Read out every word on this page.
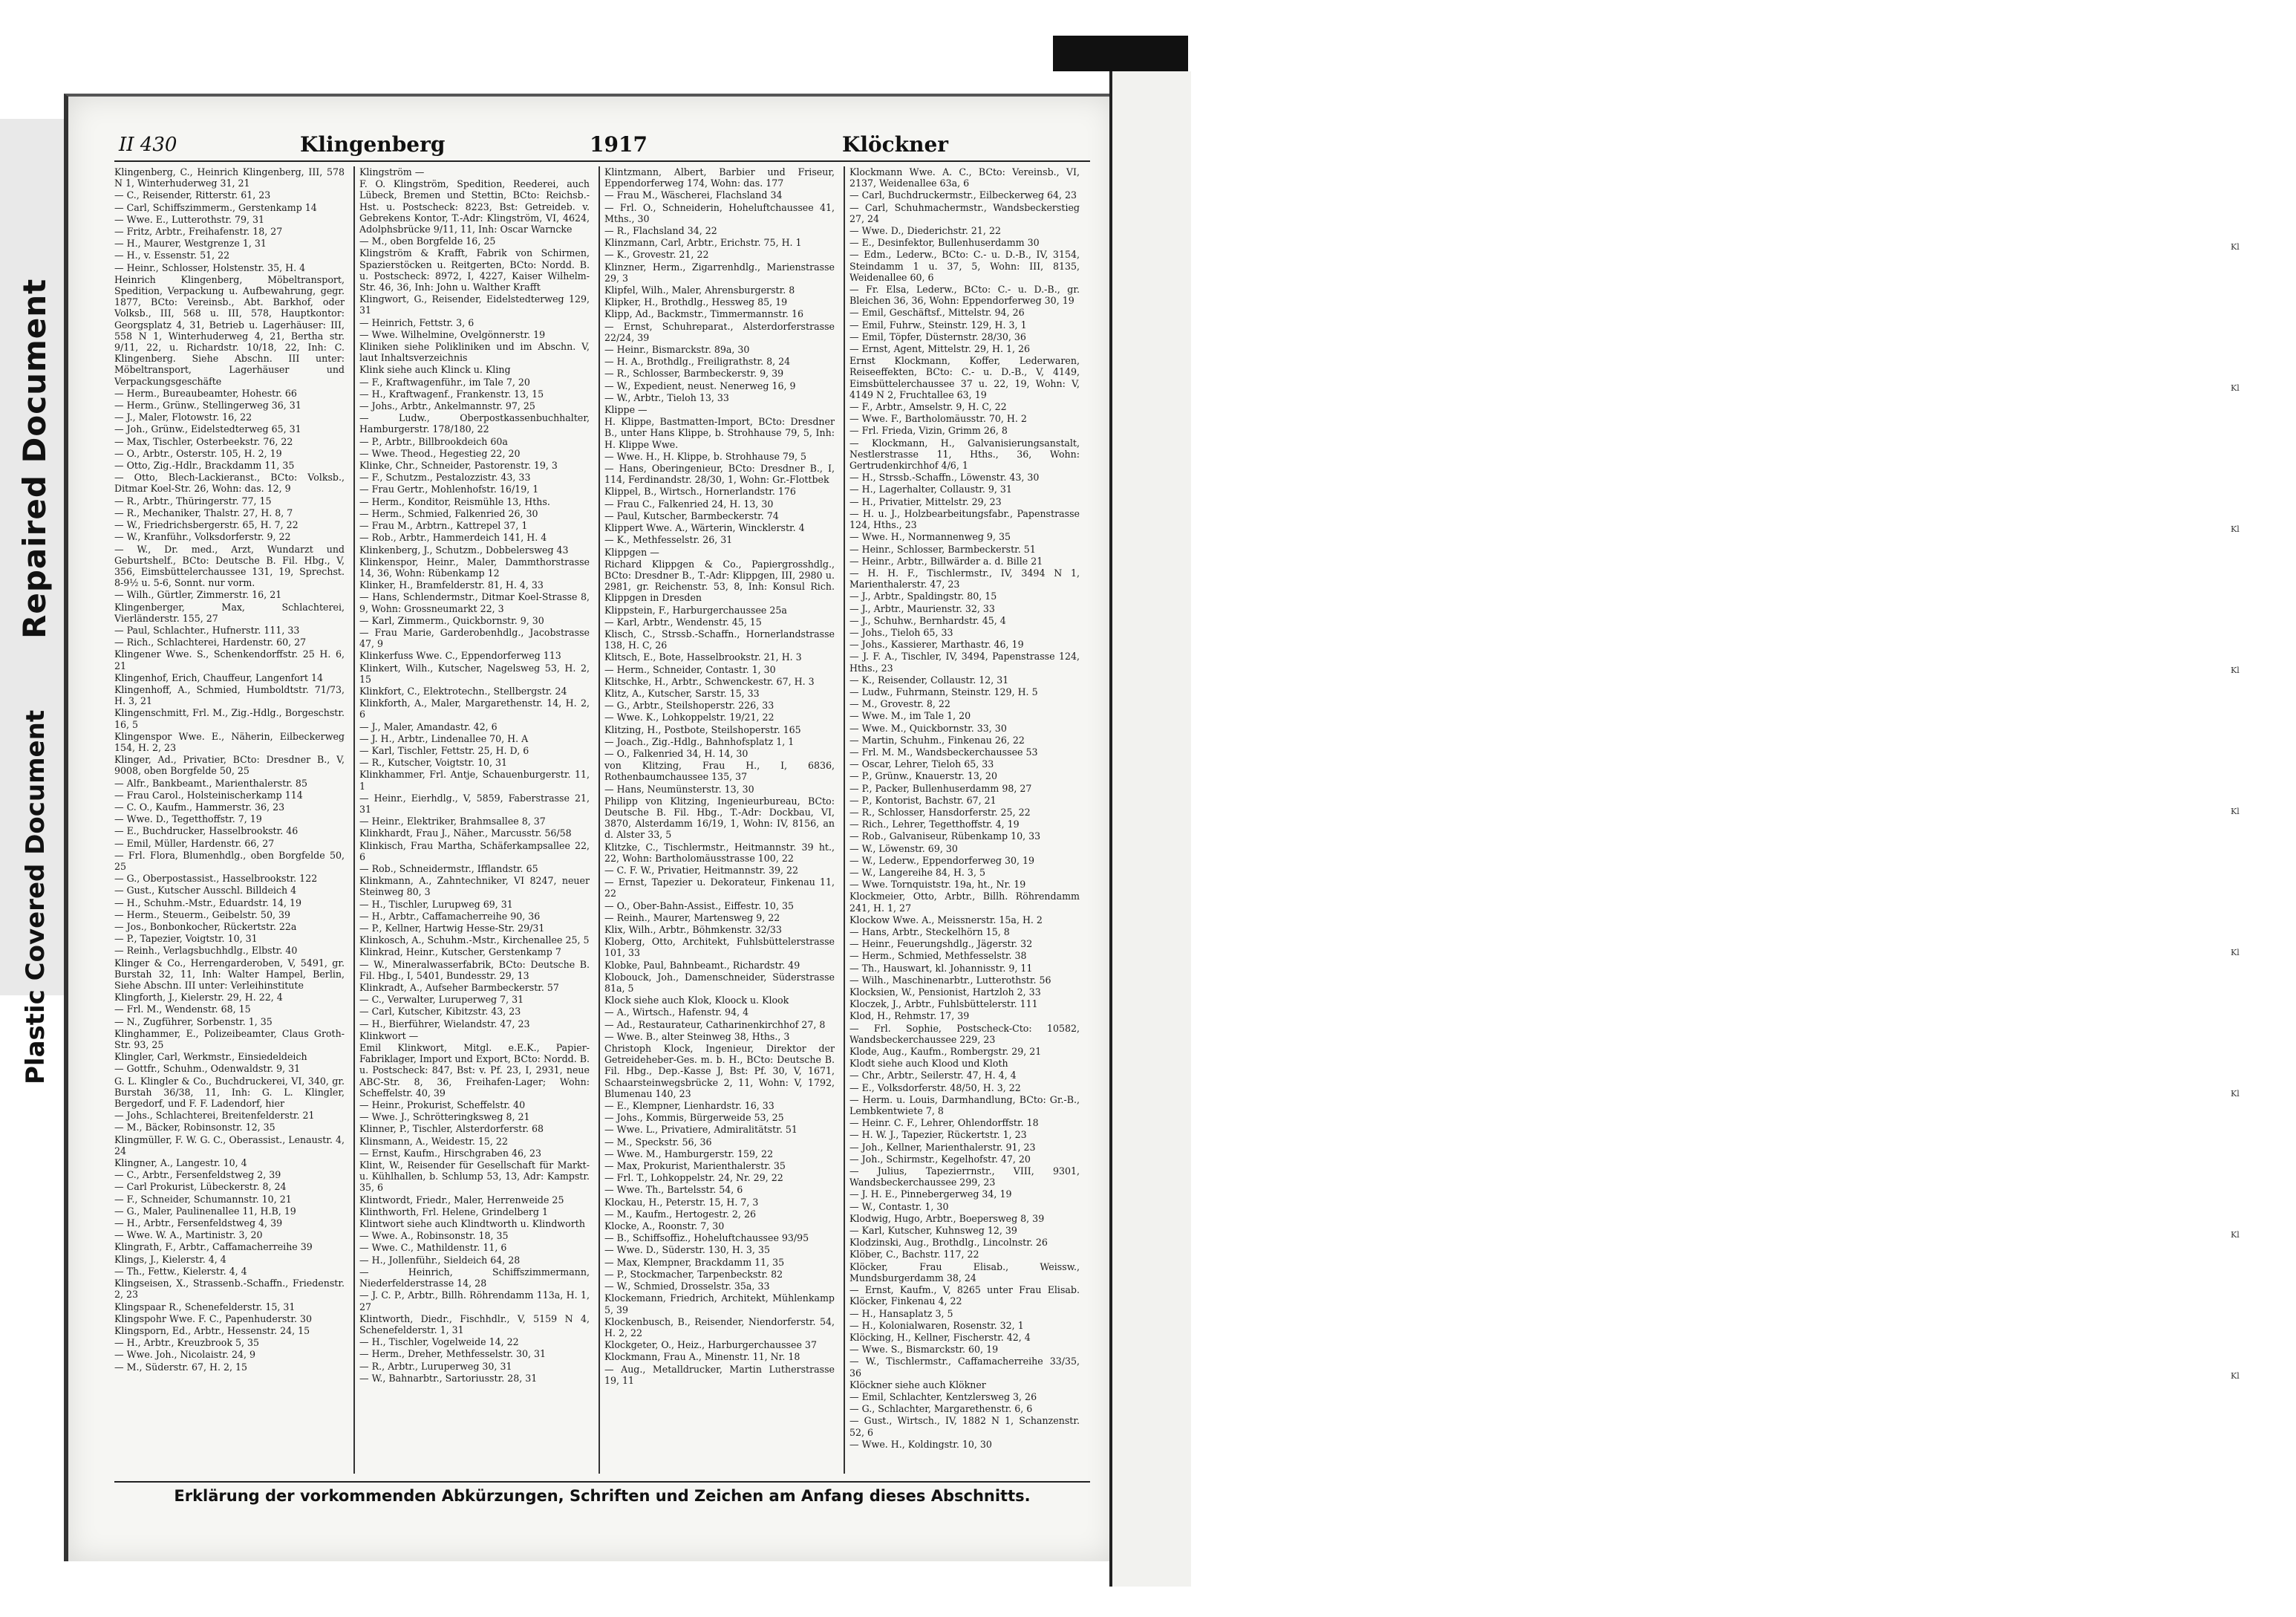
Repaired Document
Plastic Covered Document
II 430	Klingenberg	1917	Klöckner
Klingenberg, C., Heinrich Klingenberg, III, 578 N 1, Winterhuderweg 31, 21
— C., Reisender, Ritterstr. 61, 23
— Carl, Schiffszimmerm., Gerstenkamp 14
— Wwe. E., Lutterothstr. 79, 31
— Fritz, Arbtr., Freihafenstr. 18, 27
— H., Maurer, Westgrenze 1, 31
— H., v. Essenstr. 51, 22
— Heinr., Schlosser, Holstenstr. 35, H. 4
Heinrich Klingenberg, Möbeltransport, Spedition, Verpackung u. Aufbewahrung, gegr. 1877, BCto: Vereinsb., Abt. Barkhof, oder Volksb., III, 568 u. III, 578, Hauptkontor: Georgsplatz 4, 31, Betrieb u. Lagerhäuser: III, 558 N 1, Winterhuderweg 4, 21, Bertha str. 9/11, 22, u. Richardstr. 10/18, 22, Inh: C. Klingenberg. Siehe Abschn. III unter: Möbeltransport, Lagerhäuser und Verpackungsgeschäfte
— Herm., Bureaubeamter, Hohestr. 66
— Herm., Grünw., Stellingerweg 36, 31
— J., Maler, Flotowstr. 16, 22
— Joh., Grünw., Eidelstedterweg 65, 31
— Max, Tischler, Osterbeekstr. 76, 22
— O., Arbtr., Osterstr. 105, H. 2, 19
— Otto, Zig.-Hdlr., Brackdamm 11, 35
— Otto, Blech-Lackieranst., BCto: Volksb., Ditmar Koel-Str. 26, Wohn: das. 12, 9
— R., Arbtr., Thüringerstr. 77, 15
— R., Mechaniker, Thalstr. 27, H. 8, 7
— W., Friedrichsbergerstr. 65, H. 7, 22
— W., Kranführ., Volksdorferstr. 9, 22
— W., Dr. med., Arzt, Wundarzt und Geburtshelf., BCto: Deutsche B. Fil. Hbg., V, 356, Eimsbüttelerchaussee 131, 19, Sprechst. 8-9½ u. 5-6, Sonnt. nur vorm.
— Wilh., Gürtler, Zimmerstr. 16, 21
Klingenberger, Max, Schlachterei, Vierländerstr. 155, 27
— Paul, Schlachter., Hufnerstr. 111, 33
— Rich., Schlachterei, Hardenstr. 60, 27
Klingener Wwe. S., Schenkendorffstr. 25 H. 6, 21
Klingenhof, Erich, Chauffeur, Langenfort 14
Klingenhoff, A., Schmied, Humboldtstr. 71/73, H. 3, 21
Klingenschmitt, Frl. M., Zig.-Hdlg., Borgeschstr. 16, 5
Klingenspor Wwe. E., Näherin, Eilbeckerweg 154, H. 2, 23
Klinger, Ad., Privatier, BCto: Dresdner B., V, 9008, oben Borgfelde 50, 25
— Alfr., Bankbeamt., Marienthalerstr. 85
— Frau Carol., Holsteinischerkamp 114
— C. O., Kaufm., Hammerstr. 36, 23
— Wwe. D., Tegetthoffstr. 7, 19
— E., Buchdrucker, Hasselbrookstr. 46
— Emil, Müller, Hardenstr. 66, 27
— Frl. Flora, Blumenhdlg., oben Borgfelde 50, 25
— G., Oberpostassist., Hasselbrookstr. 122
— Gust., Kutscher Ausschl. Billdeich 4
— H., Schuhm.-Mstr., Eduardstr. 14, 19
— Herm., Steuerm., Geibelstr. 50, 39
— Jos., Bonbonkocher, Rückertstr. 22a
— P., Tapezier, Voigtstr. 10, 31
— Reinh., Verlagsbuchhdlg., Elbstr. 40
Klinger & Co., Herrengarderoben, V, 5491, gr. Burstah 32, 11, Inh: Walter Hampel, Berlin, Siehe Abschn. III unter: Verleihinstitute
Klingforth, J., Kielerstr. 29, H. 22, 4
— Frl. M., Wendenstr. 68, 15
— N., Zugführer, Sorbenstr. 1, 35
Klinghammer, E., Polizeibeamter, Claus Groth-Str. 93, 25
Klingler, Carl, Werkmstr., Einsiedeldeich
— Gottfr., Schuhm., Odenwaldstr. 9, 31
G. L. Klingler & Co., Buchdruckerei, VI, 340, gr. Burstah 36/38, 11, Inh: G. L. Klingler, Bergedorf, und F. F. Ladendorf, hier
— Johs., Schlachterei, Breitenfelderstr. 21
— M., Bäcker, Robinsonstr. 12, 35
Klingmüller, F. W. G. C., Oberassist., Lenaustr. 4, 24
Klingner, A., Langestr. 10, 4
— C., Arbtr., Fersenfeldstweg 2, 39
— Carl Prokurist, Lübeckerstr. 8, 24
— F., Schneider, Schumannstr. 10, 21
— G., Maler, Paulinenallee 11, H.B, 19
— H., Arbtr., Fersenfeldstweg 4, 39
— Wwe. W. A., Martinistr. 3, 20
Klingrath, F., Arbtr., Caffamacherreihe 39
Klings, J., Kielerstr. 4, 4
— Th., Fettw., Kielerstr. 4, 4
Klingseisen, X., Strassenb.-Schaffn., Friedenstr. 2, 23
Klingspaar R., Schenefelderstr. 15, 31
Klingspohr Wwe. F. C., Papenhuderstr. 30
Klingsporn, Ed., Arbtr., Hessenstr. 24, 15
— H., Arbtr., Kreuzbrook 5, 35
— Wwe. Joh., Nicolaistr. 24, 9
— M., Süderstr. 67, H. 2, 15
Klingström —
F. O. Klingström, Spedition, Reederei, auch Lübeck, Bremen und Stettin, BCto: Reichsb.-Hst. u. Postscheck: 8223, Bst: Getreideb. v. Gebrekens Kontor, T.-Adr: Klingström, VI, 4624, Adolphsbrücke 9/11, 11, Inh: Oscar Warncke
— M., oben Borgfelde 16, 25
Klingström & Krafft, Fabrik von Schirmen, Spazierstöcken u. Reitgerten, BCto: Nordd. B. u. Postscheck: 8972, I, 4227, Kaiser Wilhelm-Str. 46, 36, Inh: John u. Walther Krafft
Klingwort, G., Reisender, Eidelstedterweg 129, 31
— Heinrich, Fettstr. 3, 6
— Wwe. Wilhelmine, Ovelgönnerstr. 19
Kliniken siehe Polikliniken und im Abschn. V, laut Inhaltsverzeichnis
Klink siehe auch Klinck u. Kling
— F., Kraftwagenführ., im Tale 7, 20
— H., Kraftwagenf., Frankenstr. 13, 15
— Johs., Arbtr., Ankelmannstr. 97, 25
— Ludw., Oberpostkassenbuchhalter, Hamburgerstr. 178/180, 22
— P., Arbtr., Billbrookdeich 60a
— Wwe. Theod., Hegestieg 22, 20
Klinke, Chr., Schneider, Pastorenstr. 19, 3
— F., Schutzm., Pestalozzistr. 43, 33
— Frau Gertr., Mohlenhofstr. 16/19, 1
— Herm., Konditor, Reismühle 13, Hths.
— Herm., Schmied, Falkenried 26, 30
— Frau M., Arbtrn., Kattrepel 37, 1
— Rob., Arbtr., Hammerdeich 141, H. 4
Klinkenberg, J., Schutzm., Dobbelersweg 43
Klinkenspor, Heinr., Maler, Dammthorstrasse 14, 36, Wohn: Rübenkamp 12
Klinker, H., Bramfelderstr. 81, H. 4, 33
— Hans, Schlendermstr., Ditmar Koel-Strasse 8, 9, Wohn: Grossneumarkt 22, 3
— Karl, Zimmerm., Quickbornstr. 9, 30
— Frau Marie, Garderobenhdlg., Jacobstrasse 47, 9
Klinkerfuss Wwe. C., Eppendorferweg 113
Klinkert, Wilh., Kutscher, Nagelsweg 53, H. 2, 15
Klinkfort, C., Elektrotechn., Stellbergstr. 24
Klinkforth, A., Maler, Margarethenstr. 14, H. 2, 6
— J., Maler, Amandastr. 42, 6
— J. H., Arbtr., Lindenallee 70, H. A
— Karl, Tischler, Fettstr. 25, H. D, 6
— R., Kutscher, Voigtstr. 10, 31
Klinkhammer, Frl. Antje, Schauenburgerstr. 11, 1
— Heinr., Eierhdlg., V, 5859, Faberstrasse 21, 31
— Heinr., Elektriker, Brahmsallee 8, 37
Klinkhardt, Frau J., Näher., Marcusstr. 56/58
Klinkisch, Frau Martha, Schäferkampsallee 22, 6
— Rob., Schneidermstr., Ifflandstr. 65
Klinkmann, A., Zahntechniker, VI 8247, neuer Steinweg 80, 3
— H., Tischler, Lurupweg 69, 31
— H., Arbtr., Caffamacherreihe 90, 36
— P., Kellner, Hartwig Hesse-Str. 29/31
Klinkosch, A., Schuhm.-Mstr., Kirchenallee 25, 5
Klinkrad, Heinr., Kutscher, Gerstenkamp 7
— W., Mineralwasserfabrik, BCto: Deutsche B. Fil. Hbg., I, 5401, Bundesstr. 29, 13
Klinkradt, A., Aufseher Barmbeckerstr. 57
— C., Verwalter, Luruperweg 7, 31
— Carl, Kutscher, Kibitzstr. 43, 23
— H., Bierführer, Wielandstr. 47, 23
Klinkwort —
Emil Klinkwort, Mitgl. e.E.K., Papier-Fabriklager, Import und Export, BCto: Nordd. B. u. Postscheck: 847, Bst: v. Pf. 23, I, 2931, neue ABC-Str. 8, 36, Freihafen-Lager; Wohn: Scheffelstr. 40, 39
— Heinr., Prokurist, Scheffelstr. 40
— Wwe. J., Schrötteringksweg 8, 21
Klinner, P., Tischler, Alsterdorferstr. 68
Klinsmann, A., Weidestr. 15, 22
— Ernst, Kaufm., Hirschgraben 46, 23
Klint, W., Reisender für Gesellschaft für Markt- u. Kühlhallen, b. Schlump 53, 13, Adr: Kampstr. 35, 6
Klintwordt, Friedr., Maler, Herrenweide 25
Klinthworth, Frl. Helene, Grindelberg 1
Klintwort siehe auch Klindtworth u. Klindworth
— Wwe. A., Robinsonstr. 18, 35
— Wwe. C., Mathildenstr. 11, 6
— H., Jollenführ., Sieldeich 64, 28
— Heinrich, Schiffszimmermann, Niederfelderstrasse 14, 28
— J. C. P., Arbtr., Billh. Röhrendamm 113a, H. 1, 27
Klintworth, Diedr., Fischhdlr., V, 5159 N 4, Schenefelderstr. 1, 31
— H., Tischler, Vogelweide 14, 22
— Herm., Dreher, Methfesselstr. 30, 31
— R., Arbtr., Luruperweg 30, 31
— W., Bahnarbtr., Sartoriusstr. 28, 31
Klintzmann, Albert, Barbier und Friseur, Eppendorferweg 174, Wohn: das. 177
— Frau M., Wäscherei, Flachsland 34
— Frl. O., Schneiderin, Hoheluftchaussee 41, Mths., 30
— R., Flachsland 34, 22
Klinzmann, Carl, Arbtr., Erichstr. 75, H. 1
— K., Grovestr. 21, 22
Klinzner, Herm., Zigarrenhdlg., Marienstrasse 29, 3
Klipfel, Wilh., Maler, Ahrensburgerstr. 8
Klipker, H., Brothdlg., Hessweg 85, 19
Klipp, Ad., Backmstr., Timmermannstr. 16
— Ernst, Schuhreparat., Alsterdorferstrasse 22/24, 39
— Heinr., Bismarckstr. 89a, 30
— H. A., Brothdlg., Freiligrathstr. 8, 24
— R., Schlosser, Barmbeckerstr. 9, 39
— W., Expedient, neust. Nenerweg 16, 9
— W., Arbtr., Tieloh 13, 33
Klippe —
H. Klippe, Bastmatten-Import, BCto: Dresdner B., unter Hans Klippe, b. Strohhause 79, 5, Inh: H. Klippe Wwe.
— Wwe. H., H. Klippe, b. Strohhause 79, 5
— Hans, Oberingenieur, BCto: Dresdner B., I, 114, Ferdinandstr. 28/30, 1, Wohn: Gr.-Flottbek
Klippel, B., Wirtsch., Hornerlandstr. 176
— Frau C., Falkenried 24, H. 13, 30
— Paul, Kutscher, Barmbeckerstr. 74
Klippert Wwe. A., Wärterin, Wincklerstr. 4
— K., Methfesselstr. 26, 31
Klippgen —
Richard Klippgen & Co., Papiergrosshdlg., BCto: Dresdner B., T.-Adr: Klippgen, III, 2980 u. 2981, gr. Reichenstr. 53, 8, Inh: Konsul Rich. Klippgen in Dresden
Klippstein, F., Harburgerchaussee 25a
— Karl, Arbtr., Wendenstr. 45, 15
Klisch, C., Strssb.-Schaffn., Hornerlandstrasse 138, H. C, 26
Klitsch, E., Bote, Hasselbrookstr. 21, H. 3
— Herm., Schneider, Contastr. 1, 30
Klitschke, H., Arbtr., Schwenckestr. 67, H. 3
Klitz, A., Kutscher, Sarstr. 15, 33
— G., Arbtr., Steilshoperstr. 226, 33
— Wwe. K., Lohkoppelstr. 19/21, 22
Klitzing, H., Postbote, Steilshoperstr. 165
— Joach., Zig.-Hdlg., Bahnhofsplatz 1, 1
— O., Falkenried 34, H. 14, 30
von Klitzing, Frau H., I, 6836, Rothenbaumchaussee 135, 37
— Hans, Neumünsterstr. 13, 30
Philipp von Klitzing, Ingenieurbureau, BCto: Deutsche B. Fil. Hbg., T.-Adr: Dockbau, VI, 3870, Alsterdamm 16/19, 1, Wohn: IV, 8156, an d. Alster 33, 5
Klitzke, C., Tischlermstr., Heitmannstr. 39 ht., 22, Wohn: Bartholomäusstrasse 100, 22
— C. F. W., Privatier, Heitmannstr. 39, 22
— Ernst, Tapezier u. Dekorateur, Finkenau 11, 22
— O., Ober-Bahn-Assist., Eiffestr. 10, 35
— Reinh., Maurer, Martensweg 9, 22
Klix, Wilh., Arbtr., Böhmkenstr. 32/33
Kloberg, Otto, Architekt, Fuhlsbüttelerstrasse 101, 33
Klobke, Paul, Bahnbeamt., Richardstr. 49
Klobouck, Joh., Damenschneider, Süderstrasse 81a, 5
Klock siehe auch Klok, Kloock u. Klook
— A., Wirtsch., Hafenstr. 94, 4
— Ad., Restaurateur, Catharinenkirchhof 27, 8
— Wwe. B., alter Steinweg 38, Hths., 3
Christoph Klock, Ingenieur, Direktor der Getreideheber-Ges. m. b. H., BCto: Deutsche B. Fil. Hbg., Dep.-Kasse J, Bst: Pf. 30, V, 1671, Schaarsteinwegsbrücke 2, 11, Wohn: V, 1792, Blumenau 140, 23
— E., Klempner, Lienhardstr. 16, 33
— Johs., Kommis, Bürgerweide 53, 25
— Wwe. L., Privatiere, Admiralitätstr. 51
— M., Speckstr. 56, 36
— Wwe. M., Hamburgerstr. 159, 22
— Max, Prokurist, Marienthalerstr. 35
— Frl. T., Lohkoppelstr. 24, Nr. 29, 22
— Wwe. Th., Bartelsstr. 54, 6
Klockau, H., Peterstr. 15, H. 7, 3
— M., Kaufm., Hertogestr. 2, 26
Klocke, A., Roonstr. 7, 30
— B., Schiffsoffiz., Hoheluftchaussee 93/95
— Wwe. D., Süderstr. 130, H. 3, 35
— Max, Klempner, Brackdamm 11, 35
— P., Stockmacher, Tarpenbeckstr. 82
— W., Schmied, Drosselstr. 35a, 33
Klockemann, Friedrich, Architekt, Mühlenkamp 5, 39
Klockenbusch, B., Reisender, Niendorferstr. 54, H. 2, 22
Klockgeter, O., Heiz., Harburgerchaussee 37
Klockmann, Frau A., Minenstr. 11, Nr. 18
— Aug., Metalldrucker, Martin Lutherstrasse 19, 11
Klockmann Wwe. A. C., BCto: Vereinsb., VI, 2137, Weidenallee 63a, 6
— Carl, Buchdruckermstr., Eilbeckerweg 64, 23
— Carl, Schuhmachermstr., Wandsbeckerstieg 27, 24
— Wwe. D., Diederichstr. 21, 22
— E., Desinfektor, Bullenhuserdamm 30
— Edm., Lederw., BCto: C.- u. D.-B., IV, 3154, Steindamm 1 u. 37, 5, Wohn: III, 8135, Weidenallee 60, 6
— Fr. Elsa, Lederw., BCto: C.- u. D.-B., gr. Bleichen 36, 36, Wohn: Eppendorferweg 30, 19
— Emil, Geschäftsf., Mittelstr. 94, 26
— Emil, Fuhrw., Steinstr. 129, H. 3, 1
— Emil, Töpfer, Düsternstr. 28/30, 36
— Ernst, Agent, Mittelstr. 29, H. 1, 26
Ernst Klockmann, Koffer, Lederwaren, Reiseeffekten, BCto: C.- u. D.-B., V, 4149, Eimsbüttelerchaussee 37 u. 22, 19, Wohn: V, 4149 N 2, Fruchtallee 63, 19
— F., Arbtr., Amselstr. 9, H. C, 22
— Wwe. F., Bartholomäusstr. 70, H. 2
— Frl. Frieda, Vizin, Grimm 26, 8
— Klockmann, H., Galvanisierungsanstalt, Nestlerstrasse 11, Hths., 36, Wohn: Gertrudenkirchhof 4/6, 1
— H., Strssb.-Schaffn., Löwenstr. 43, 30
— H., Lagerhalter, Collaustr. 9, 31
— H., Privatier, Mittelstr. 29, 23
— H. u. J., Holzbearbeitungsfabr., Papenstrasse 124, Hths., 23
— Wwe. H., Normannenweg 9, 35
— Heinr., Schlosser, Barmbeckerstr. 51
— Heinr., Arbtr., Billwärder a. d. Bille 21
— H. H. F., Tischlermstr., IV, 3494 N 1, Marienthalerstr. 47, 23
— J., Arbtr., Spaldingstr. 80, 15
— J., Arbtr., Maurienstr. 32, 33
— J., Schuhw., Bernhardstr. 45, 4
— Johs., Tieloh 65, 33
— Johs., Kassierer, Marthastr. 46, 19
— J. F. A., Tischler, IV, 3494, Papenstrasse 124, Hths., 23
— K., Reisender, Collaustr. 12, 31
— Ludw., Fuhrmann, Steinstr. 129, H. 5
— M., Grovestr. 8, 22
— Wwe. M., im Tale 1, 20
— Wwe. M., Quickbornstr. 33, 30
— Martin, Schuhm., Finkenau 26, 22
— Frl. M. M., Wandsbeckerchaussee 53
— Oscar, Lehrer, Tieloh 65, 33
— P., Grünw., Knauerstr. 13, 20
— P., Packer, Bullenhuserdamm 98, 27
— P., Kontorist, Bachstr. 67, 21
— R., Schlosser, Hansdorferstr. 25, 22
— Rich., Lehrer, Tegetthoffstr. 4, 19
— Rob., Galvaniseur, Rübenkamp 10, 33
— W., Löwenstr. 69, 30
— W., Lederw., Eppendorferweg 30, 19
— W., Langereihe 84, H. 3, 5
— Wwe. Tornquiststr. 19a, ht., Nr. 19
Klockmeier, Otto, Arbtr., Billh. Röhrendamm 241, H. 1, 27
Klockow Wwe. A., Meissnerstr. 15a, H. 2
— Hans, Arbtr., Steckelhörn 15, 8
— Heinr., Feuerungshdlg., Jägerstr. 32
— Herm., Schmied, Methfesselstr. 38
— Th., Hauswart, kl. Johannisstr. 9, 11
— Wilh., Maschinenarbtr., Lutterothstr. 56
Klocksien, W., Pensionist, Hartzloh 2, 33
Kloczek, J., Arbtr., Fuhlsbüttelerstr. 111
Klod, H., Rehmstr. 17, 39
— Frl. Sophie, Postscheck-Cto: 10582, Wandsbeckerchaussee 229, 23
Klode, Aug., Kaufm., Rombergstr. 29, 21
Klodt siehe auch Klood und Kloth
— Chr., Arbtr., Seilerstr. 47, H. 4, 4
— E., Volksdorferstr. 48/50, H. 3, 22
— Herm. u. Louis, Darmhandlung, BCto: Gr.-B., Lembkentwiete 7, 8
— Heinr. C. F., Lehrer, Ohlendorffstr. 18
— H. W. J., Tapezier, Rückertstr. 1, 23
— Joh., Kellner, Marienthalerstr. 91, 23
— Joh., Schirmstr., Kegelhofstr. 47, 20
— Julius, Tapezierrnstr., VIII, 9301, Wandsbeckerchaussee 299, 23
— J. H. E., Pinnebergerweg 34, 19
— W., Contastr. 1, 30
Klodwig, Hugo, Arbtr., Boepersweg 8, 39
— Karl, Kutscher, Kuhnsweg 12, 39
Klodzinski, Aug., Brothdlg., Lincolnstr. 26
Klöber, C., Bachstr. 117, 22
Klöcker, Frau Elisab., Weissw., Mundsburgerdamm 38, 24
— Ernst, Kaufm., V, 8265 unter Frau Elisab. Klöcker, Finkenau 4, 22
— H., Hansaplatz 3, 5
— H., Kolonialwaren, Rosenstr. 32, 1
Klöcking, H., Kellner, Fischerstr. 42, 4
— Wwe. S., Bismarckstr. 60, 19
— W., Tischlermstr., Caffamacherreihe 33/35, 36
Klöckner siehe auch Klökner
— Emil, Schlachter, Kentzlersweg 3, 26
— G., Schlachter, Margarethenstr. 6, 6
— Gust., Wirtsch., IV, 1882 N 1, Schanzenstr. 52, 6
— Wwe. H., Koldingstr. 10, 30
Erklärung der vorkommenden Abkürzungen, Schriften und Zeichen am Anfang dieses Abschnitts.
Kl
Kl
Kl
Kl
Kl
Kl
Kl
Kl
Kl
